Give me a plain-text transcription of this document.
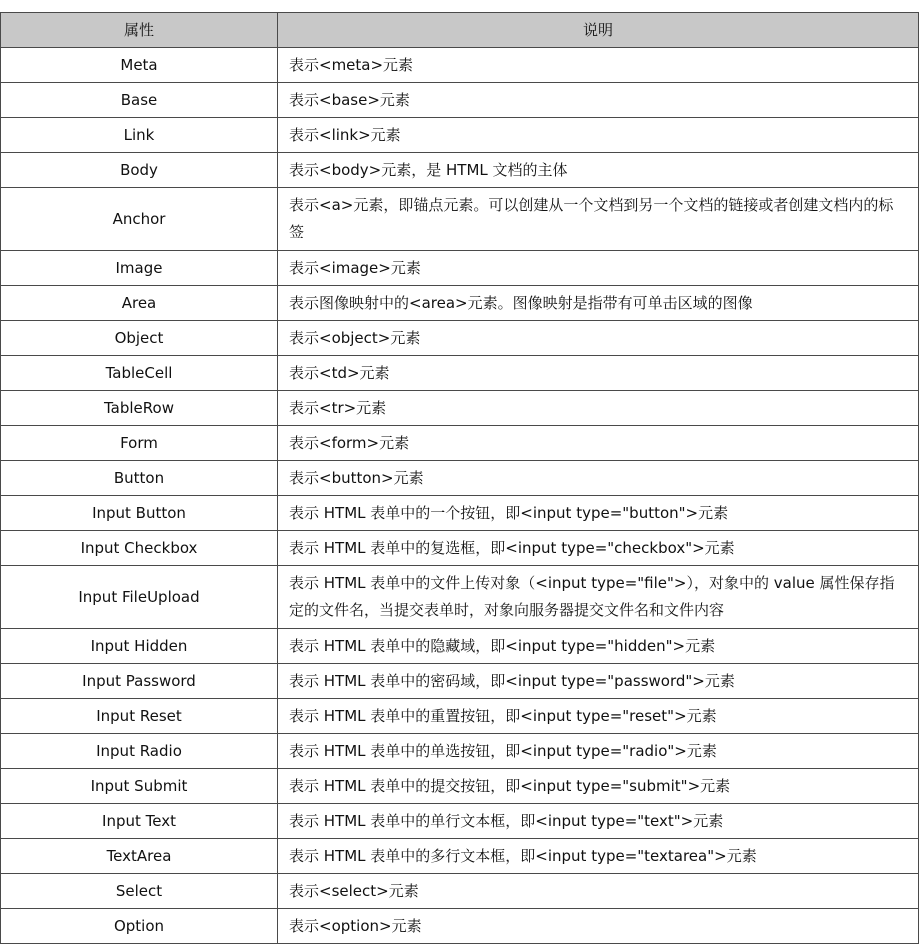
属性	说明
Meta	表示<meta>元素
Base	表示<base>元素
Link	表示<link>元素
Body	表示<body>元素，是 HTML 文档的主体
Anchor	表示<a>元素，即锚点元素。可以创建从一个文档到另一个文档的链接或者创建文档内的标签
Image	表示<image>元素
Area	表示图像映射中的<area>元素。图像映射是指带有可单击区域的图像
Object	表示<object>元素
TableCell	表示<td>元素
TableRow	表示<tr>元素
Form	表示<form>元素
Button	表示<button>元素
Input Button	表示 HTML 表单中的一个按钮，即<input type="button">元素
Input Checkbox	表示 HTML 表单中的复选框，即<input type="checkbox">元素
Input FileUpload	表示 HTML 表单中的文件上传对象（<input type="file">），对象中的 value 属性保存指定的文件名，当提交表单时，对象向服务器提交文件名和文件内容
Input Hidden	表示 HTML 表单中的隐藏域，即<input type="hidden">元素
Input Password	表示 HTML 表单中的密码域，即<input type="password">元素
Input Reset	表示 HTML 表单中的重置按钮，即<input type="reset">元素
Input Radio	表示 HTML 表单中的单选按钮，即<input type="radio">元素
Input Submit	表示 HTML 表单中的提交按钮，即<input type="submit">元素
Input Text	表示 HTML 表单中的单行文本框，即<input type="text">元素
TextArea	表示 HTML 表单中的多行文本框，即<input type="textarea">元素
Select	表示<select>元素
Option	表示<option>元素
